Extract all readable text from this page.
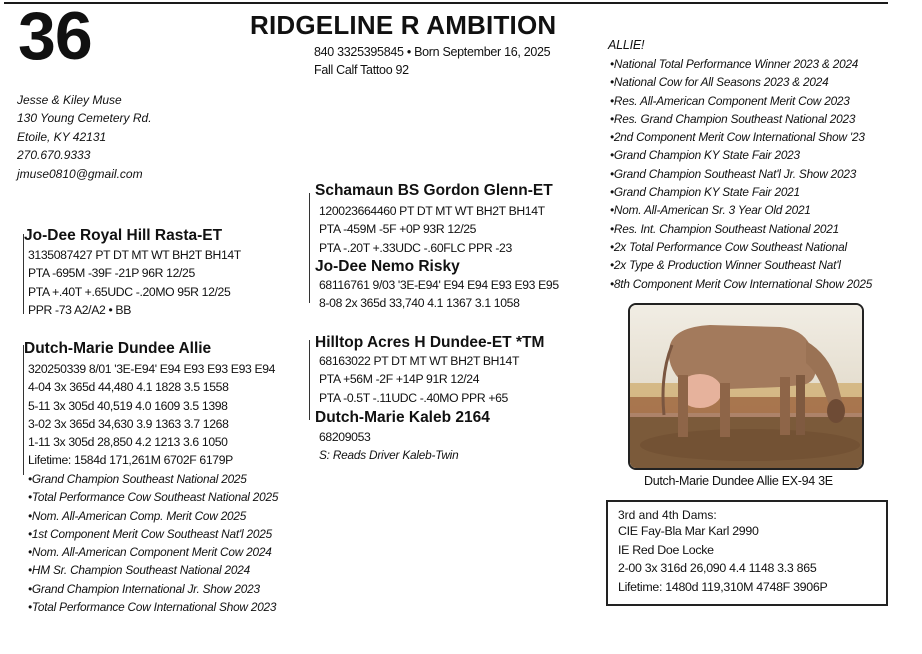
36	RIDGELINE R AMBITION
840 3325395845 • Born September 16, 2025
Fall Calf Tattoo 92
Jesse & Kiley Muse
130 Young Cemetery Rd.
Etoile, KY 42131
270.670.9333
jmuse0810@gmail.com
Jo-Dee Royal Hill Rasta-ET
3135087427 PT DT MT WT BH2T BH14T
PTA -695M -39F -21P 96R 12/25
PTA +.40T +.65UDC -.20MO 95R 12/25
PPR -73 A2/A2 • BB
Schamaun BS Gordon Glenn-ET
120023664460 PT DT MT WT BH2T BH14T
PTA -459M -5F +0P 93R 12/25
PTA -.20T +.33UDC -.60FLC PPR -23
Jo-Dee Nemo Risky
68116761 9/03 '3E-E94' E94 E94 E93 E93 E95
8-08 2x 365d 33,740 4.1 1367 3.1 1058
Dutch-Marie Dundee Allie
320250339 8/01 '3E-E94' E94 E93 E93 E93 E94
4-04 3x 365d 44,480 4.1 1828 3.5 1558
5-11 3x 305d 40,519 4.0 1609 3.5 1398
3-02 3x 365d 34,630 3.9 1363 3.7 1268
1-11 3x 305d 28,850 4.2 1213 3.6 1050
Lifetime: 1584d 171,261M 6702F 6179P
•Grand Champion Southeast National 2025
•Total Performance Cow Southeast National 2025
•Nom. All-American Comp. Merit Cow 2025
•1st Component Merit Cow Southeast Nat'l 2025
•Nom. All-American Component Merit Cow 2024
•HM Sr. Champion Southeast National 2024
•Grand Champion International Jr. Show 2023
•Total Performance Cow International Show 2023
Hilltop Acres H Dundee-ET *TM
68163022 PT DT MT WT BH2T BH14T
PTA +56M -2F +14P 91R 12/24
PTA -0.5T -.11UDC -.40MO PPR +65
Dutch-Marie Kaleb 2164
68209053
S: Reads Driver Kaleb-Twin
ALLIE!
•National Total Performance Winner 2023 & 2024
•National Cow for All Seasons 2023 & 2024
•Res. All-American Component Merit Cow 2023
•Res. Grand Champion Southeast National 2023
•2nd Component Merit Cow International Show '23
•Grand Champion KY State Fair 2023
•Grand Champion Southeast Nat'l Jr. Show 2023
•Grand Champion KY State Fair 2021
•Nom. All-American Sr. 3 Year Old 2021
•Res. Int. Champion Southeast National 2021
•2x Total Performance Cow Southeast National
•2x Type & Production Winner Southeast Nat'l
•8th Component Merit Cow International Show 2025
Dutch-Marie Dundee Allie EX-94 3E
3rd and 4th Dams:
CIE Fay-Bla Mar Karl 2990
IE Red Doe Locke
2-00 3x 316d 26,090 4.4 1148 3.3 865
Lifetime: 1480d 119,310M 4748F 3906P
